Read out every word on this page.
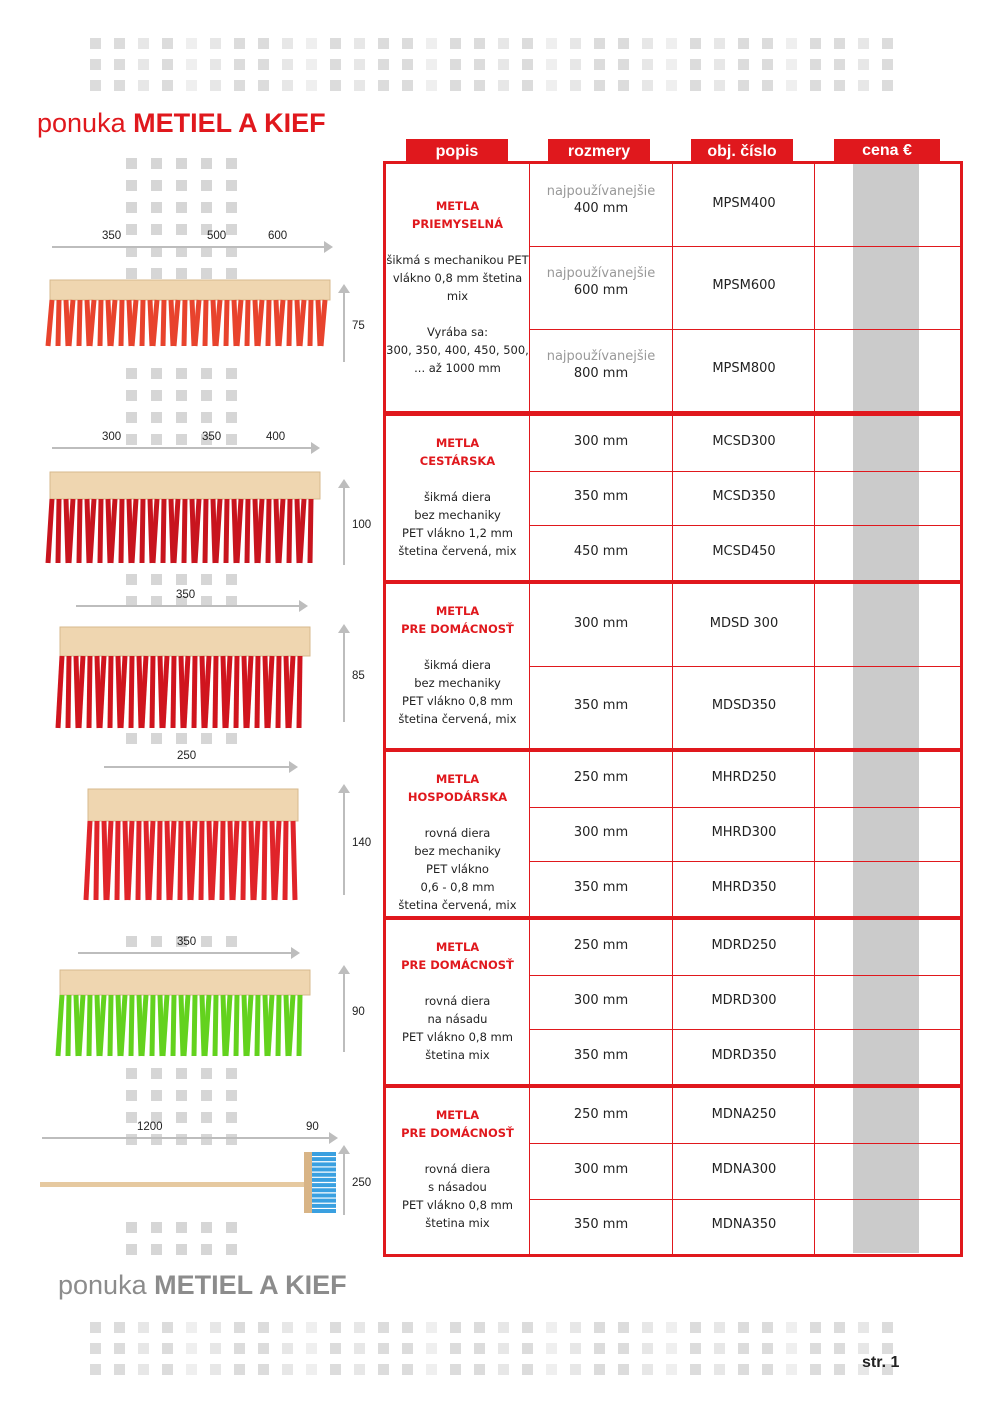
ponuka METIEL A KIEF
popis	rozmery	obj. číslo	cena €
METLA
PRIEMYSELNÁ
šikmá s mechanikou PET
vlákno 0,8 mm štetina
mix
Vyrába sa:
300, 350, 400, 450, 500,
... až 1000 mm
najpoužívanejšie
400 mm	MPSM400
najpoužívanejšie
600 mm	MPSM600
najpoužívanejšie
800 mm	MPSM800
METLA
CESTÁRSKA
šikmá diera
bez mechaniky
PET vlákno 1,2 mm
štetina červená, mix
300 mm	MCSD300
350 mm	MCSD350
450 mm	MCSD450
METLA
PRE DOMÁCNOSŤ
šikmá diera
bez mechaniky
PET vlákno 0,8 mm
štetina červená, mix
300 mm	MDSD 300
350 mm	MDSD350
METLA
HOSPODÁRSKA
rovná diera
bez mechaniky
PET vlákno
0,6 - 0,8 mm
štetina červená, mix
250 mm	MHRD250
300 mm	MHRD300
350 mm	MHRD350
METLA
PRE DOMÁCNOSŤ
rovná diera
na násadu
PET vlákno 0,8 mm
štetina mix
250 mm	MDRD250
300 mm	MDRD300
350 mm	MDRD350
METLA
PRE DOMÁCNOSŤ
rovná diera
s násadou
PET vlákno 0,8 mm
štetina mix
250 mm	MDNA250
300 mm	MDNA300
350 mm	MDNA350
350	500	600
75
300	350	400
100
350
85
250
140
350
90
1200	90
250
ponuka METIEL A KIEF
str. 1
